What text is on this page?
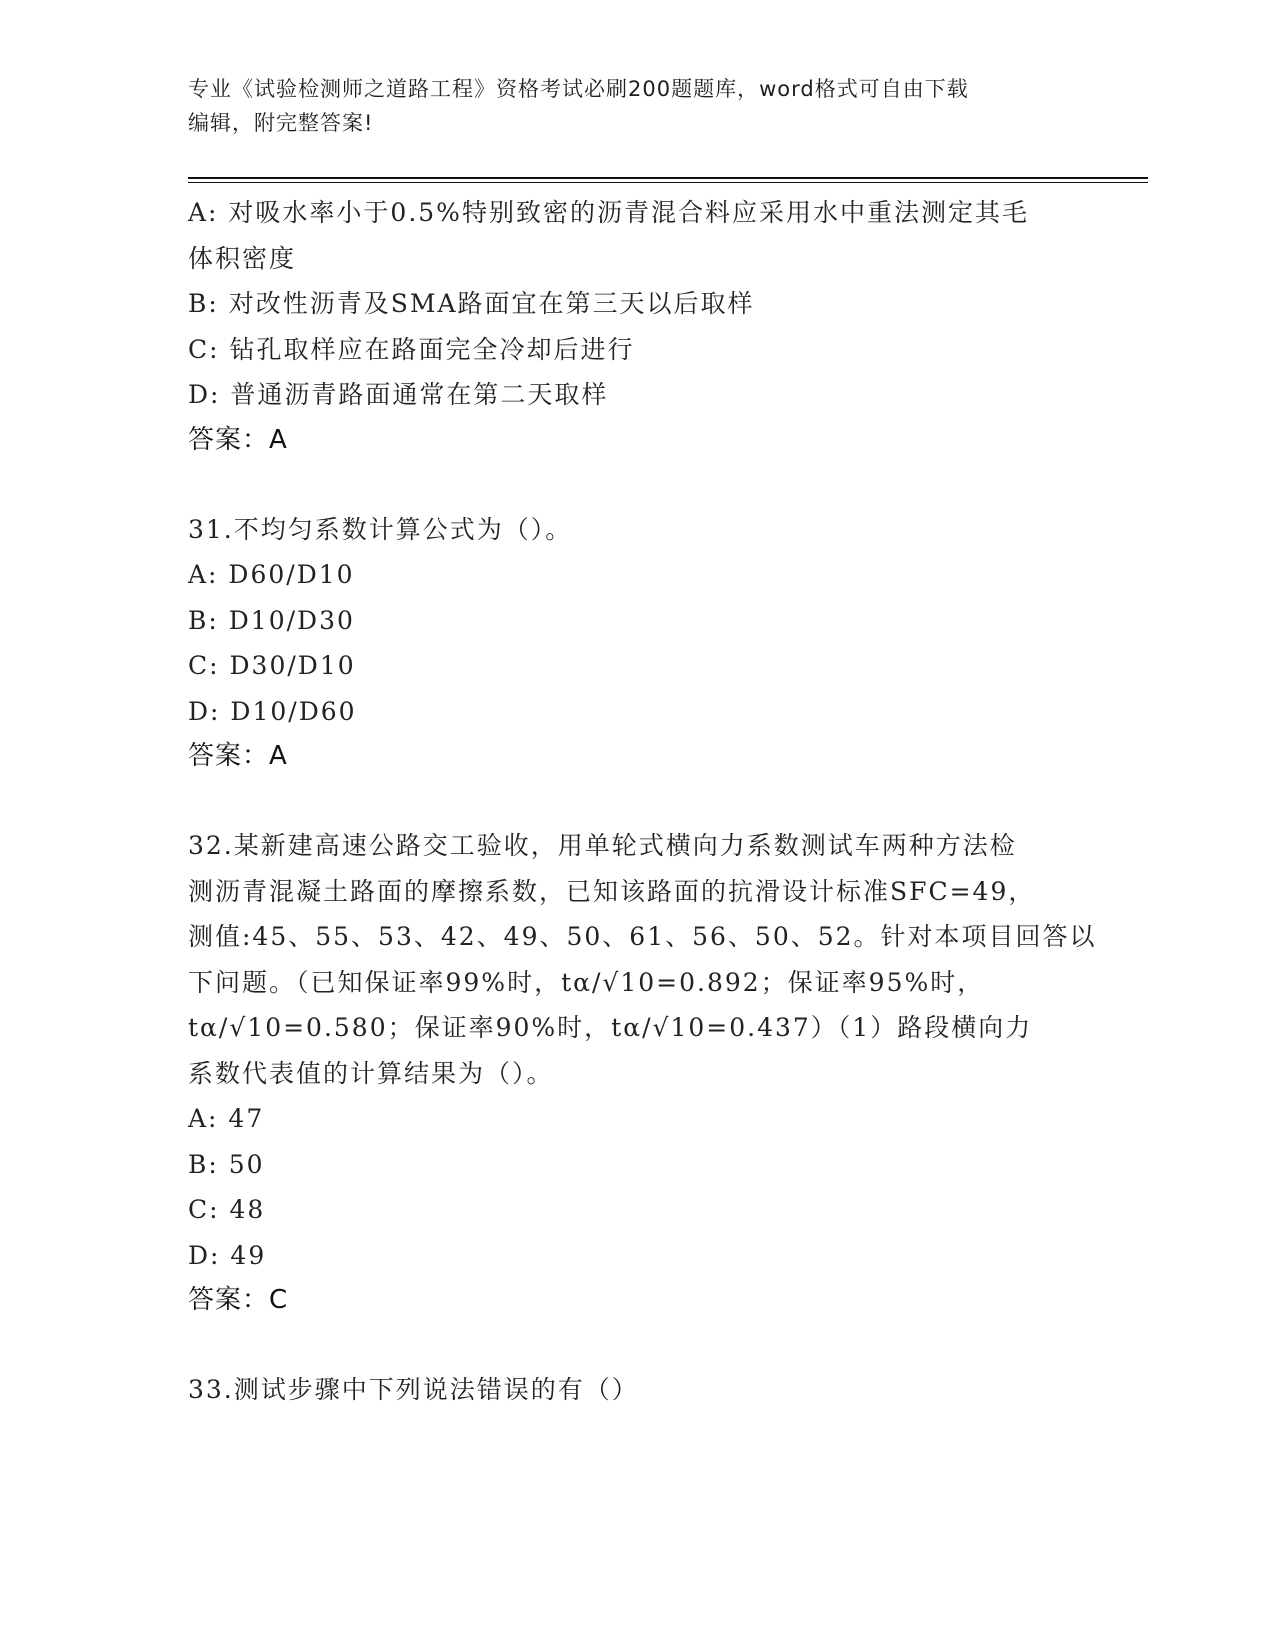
专业《试验检测师之道路工程》资格考试必刷200题题库，word格式可自由下载
编辑，附完整答案!
A: 对吸水率小于0.5%特别致密的沥青混合料应采用水中重法测定其毛
体积密度
B: 对改性沥青及SMA路面宜在第三天以后取样
C: 钻孔取样应在路面完全冷却后进行
D: 普通沥青路面通常在第二天取样
答案：A
31.不均匀系数计算公式为（）。
A: D60/D10
B: D10/D30
C: D30/D10
D: D10/D60
答案：A
32.某新建高速公路交工验收，用单轮式横向力系数测试车两种方法检
测沥青混凝土路面的摩擦系数，已知该路面的抗滑设计标准SFC=49，
测值:45、55、53、42、49、50、61、56、50、52。针对本项目回答以
下问题。（已知保证率99%时，tα/√10=0.892；保证率95%时，
tα/√10=0.580；保证率90%时，tα/√10=0.437）（1）路段横向力
系数代表值的计算结果为（）。
A: 47
B: 50
C: 48
D: 49
答案：C
33.测试步骤中下列说法错误的有（）
